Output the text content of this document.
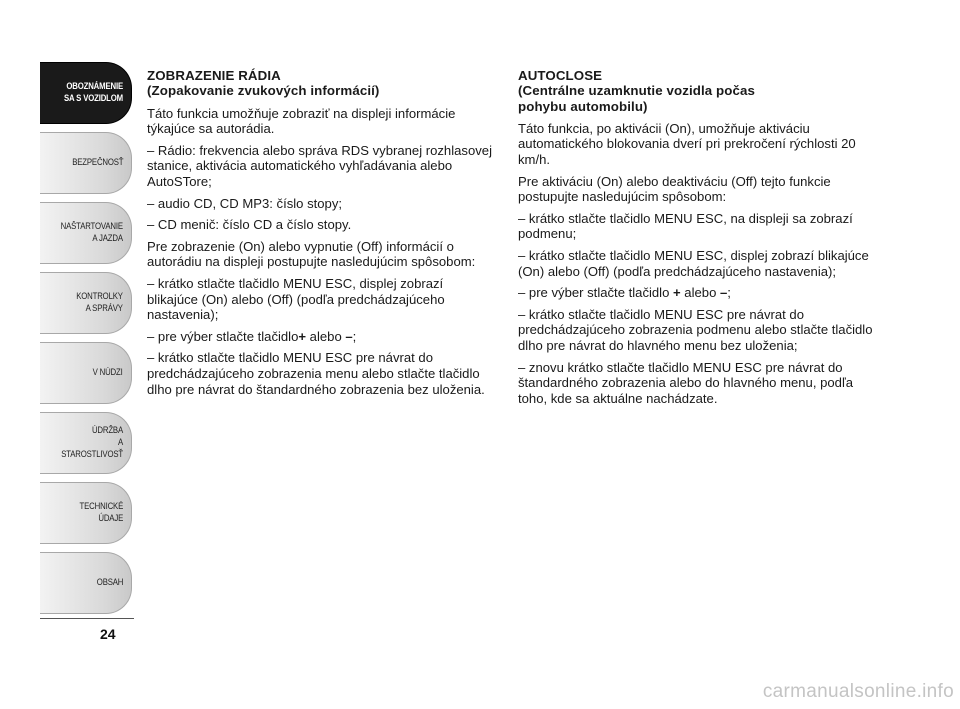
OBOZNÁMENIE
SA S VOZIDLOM
BEZPEČNOSŤ
NAŠTARTOVANIE
A JAZDA
KONTROLKY
A SPRÁVY
V NÚDZI
ÚDRŽBA
A STAROSTLIVOSŤ
TECHNICKÉ
ÚDAJE
OBSAH
24
ZOBRAZENIE RÁDIA
(Zopakovanie zvukových informácií)

Táto funkcia umožňuje zobraziť na displeji informácie týkajúce sa autorádia.

– Rádio: frekvencia alebo správa RDS vybranej rozhlasovej stanice, aktivácia automatického vyhľadávania alebo AutoSTore;

– audio CD, CD MP3: číslo stopy;

– CD menič: číslo CD a číslo stopy.

Pre zobrazenie (On) alebo vypnutie (Off) informácií o autorádiu na displeji postupujte nasledujúcim spôsobom:

– krátko stlačte tlačidlo MENU ESC, displej zobrazí blikajúce (On) alebo (Off) (podľa predchádzajúceho nastavenia);

– pre výber stlačte tlačidlo+ alebo –;

– krátko stlačte tlačidlo MENU ESC pre návrat do predchádzajúceho zobrazenia menu alebo stlačte tlačidlo dlho pre návrat do štandardného zobrazenia bez uloženia.

AUTOCLOSE
(Centrálne uzamknutie vozidla počas
pohybu automobilu)

Táto funkcia, po aktivácii (On), umožňuje aktiváciu automatického blokovania dverí pri prekročení rýchlosti 20 km/h.

Pre aktiváciu (On) alebo deaktiváciu (Off) tejto funkcie postupujte nasledujúcim spôsobom:

– krátko stlačte tlačidlo MENU ESC, na displeji sa zobrazí podmenu;

– krátko stlačte tlačidlo MENU ESC, displej zobrazí blikajúce (On) alebo (Off) (podľa predchádzajúceho nastavenia);

– pre výber stlačte tlačidlo + alebo –;

– krátko stlačte tlačidlo MENU ESC pre návrat do predchádzajúceho zobrazenia podmenu alebo stlačte tlačidlo dlho pre návrat do hlavného menu bez uloženia;

– znovu krátko stlačte tlačidlo MENU ESC pre návrat do štandardného zobrazenia alebo do hlavného menu, podľa toho, kde sa aktuálne nachádzate.

carmanualsonline.info
